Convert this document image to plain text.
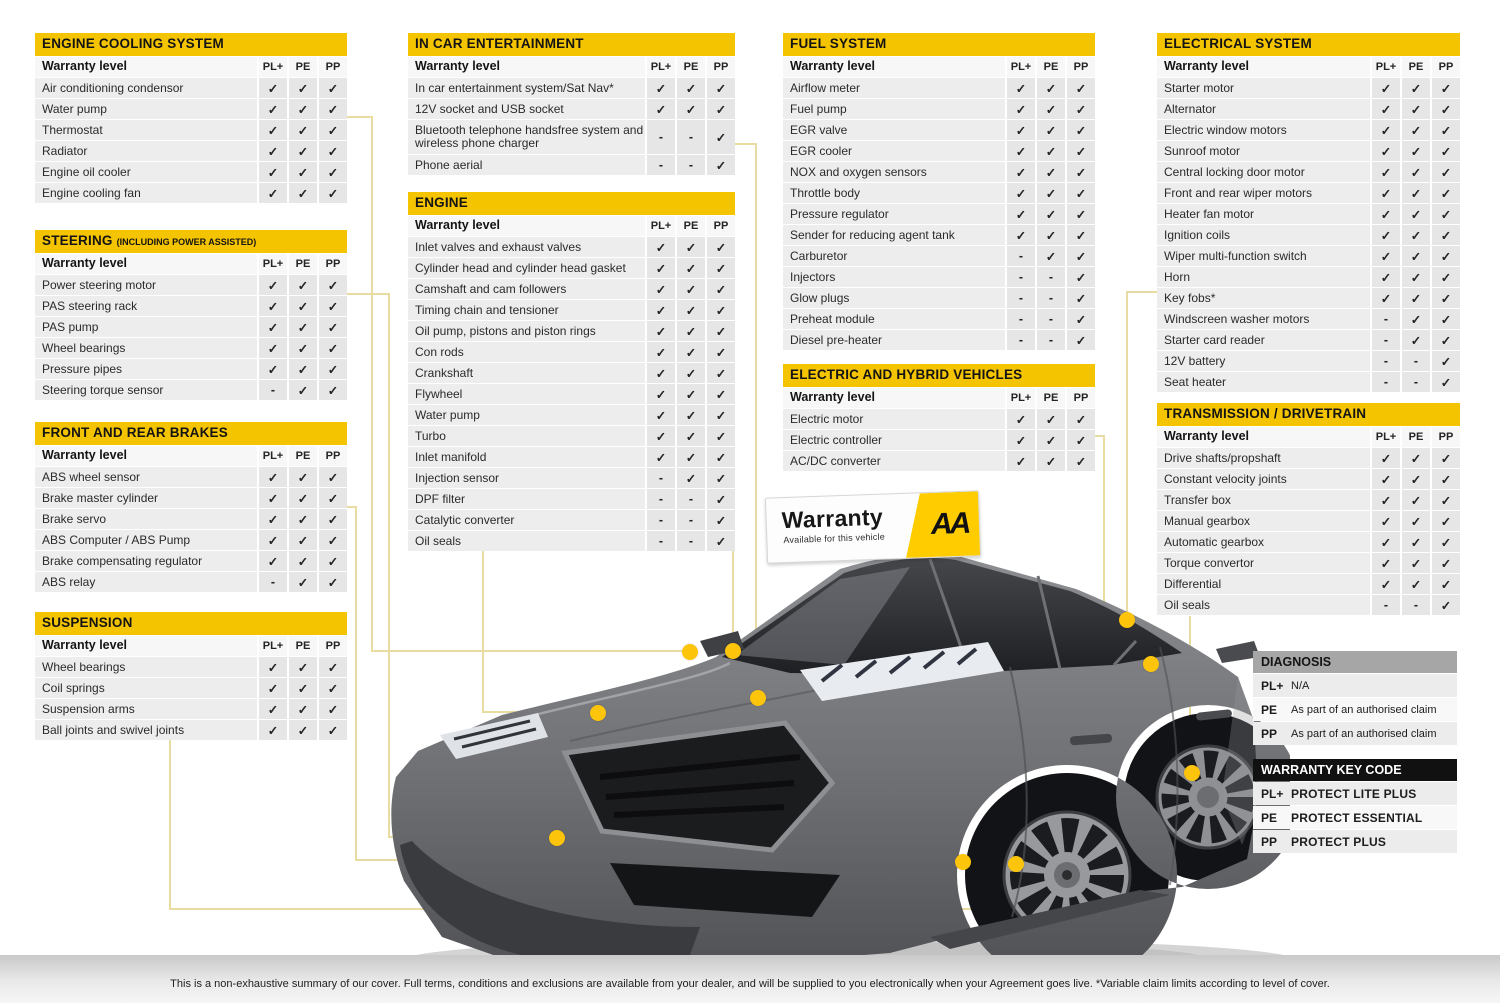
Warranty
Available for this vehicle AA
ENGINE COOLING SYSTEM
Warranty level	PL+	PE	PP
Air conditioning condensor	✓	✓	✓
Water pump	✓	✓	✓
Thermostat	✓	✓	✓
Radiator	✓	✓	✓
Engine oil cooler	✓	✓	✓
Engine cooling fan	✓	✓	✓
STEERING (INCLUDING POWER ASSISTED)
Warranty level	PL+	PE	PP
Power steering motor	✓	✓	✓
PAS steering rack	✓	✓	✓
PAS pump	✓	✓	✓
Wheel bearings	✓	✓	✓
Pressure pipes	✓	✓	✓
Steering torque sensor	-	✓	✓
FRONT AND REAR BRAKES
Warranty level	PL+	PE	PP
ABS wheel sensor	✓	✓	✓
Brake master cylinder	✓	✓	✓
Brake servo	✓	✓	✓
ABS Computer / ABS Pump	✓	✓	✓
Brake compensating regulator	✓	✓	✓
ABS relay	-	✓	✓
SUSPENSION
Warranty level	PL+	PE	PP
Wheel bearings	✓	✓	✓
Coil springs	✓	✓	✓
Suspension arms	✓	✓	✓
Ball joints and swivel joints	✓	✓	✓
IN CAR ENTERTAINMENT
Warranty level	PL+	PE	PP
In car entertainment system/Sat Nav*	✓	✓	✓
12V socket and USB socket	✓	✓	✓
Bluetooth telephone handsfree system and wireless phone charger	-	-	✓
Phone aerial	-	-	✓
ENGINE
Warranty level	PL+	PE	PP
Inlet valves and exhaust valves	✓	✓	✓
Cylinder head and cylinder head gasket	✓	✓	✓
Camshaft and cam followers	✓	✓	✓
Timing chain and tensioner	✓	✓	✓
Oil pump, pistons and piston rings	✓	✓	✓
Con rods	✓	✓	✓
Crankshaft	✓	✓	✓
Flywheel	✓	✓	✓
Water pump	✓	✓	✓
Turbo	✓	✓	✓
Inlet manifold	✓	✓	✓
Injection sensor	-	✓	✓
DPF filter	-	-	✓
Catalytic converter	-	-	✓
Oil seals	-	-	✓
FUEL SYSTEM
Warranty level	PL+	PE	PP
Airflow meter	✓	✓	✓
Fuel pump	✓	✓	✓
EGR valve	✓	✓	✓
EGR cooler	✓	✓	✓
NOX and oxygen sensors	✓	✓	✓
Throttle body	✓	✓	✓
Pressure regulator	✓	✓	✓
Sender for reducing agent tank	✓	✓	✓
Carburetor	-	✓	✓
Injectors	-	-	✓
Glow plugs	-	-	✓
Preheat module	-	-	✓
Diesel pre-heater	-	-	✓
ELECTRIC AND HYBRID VEHICLES
Warranty level	PL+	PE	PP
Electric motor	✓	✓	✓
Electric controller	✓	✓	✓
AC/DC converter	✓	✓	✓
ELECTRICAL SYSTEM
Warranty level	PL+	PE	PP
Starter motor	✓	✓	✓
Alternator	✓	✓	✓
Electric window motors	✓	✓	✓
Sunroof motor	✓	✓	✓
Central locking door motor	✓	✓	✓
Front and rear wiper motors	✓	✓	✓
Heater fan motor	✓	✓	✓
Ignition coils	✓	✓	✓
Wiper multi-function switch	✓	✓	✓
Horn	✓	✓	✓
Key fobs*	✓	✓	✓
Windscreen washer motors	-	✓	✓
Starter card reader	-	✓	✓
12V battery	-	-	✓
Seat heater	-	-	✓
TRANSMISSION / DRIVETRAIN
Warranty level	PL+	PE	PP
Drive shafts/propshaft	✓	✓	✓
Constant velocity joints	✓	✓	✓
Transfer box	✓	✓	✓
Manual gearbox	✓	✓	✓
Automatic gearbox	✓	✓	✓
Torque convertor	✓	✓	✓
Differential	✓	✓	✓
Oil seals	-	-	✓
DIAGNOSIS
PL+ N/A
PE	As part of an authorised claim
PP	As part of an authorised claim
WARRANTY KEY CODE
PL+ PROTECT LITE PLUS
PE	PROTECT ESSENTIAL
PP	PROTECT PLUS
This is a non-exhaustive summary of our cover. Full terms, conditions and exclusions are available from your dealer, and will be supplied to you electronically when your Agreement goes live. *Variable claim limits according to level of cover.
